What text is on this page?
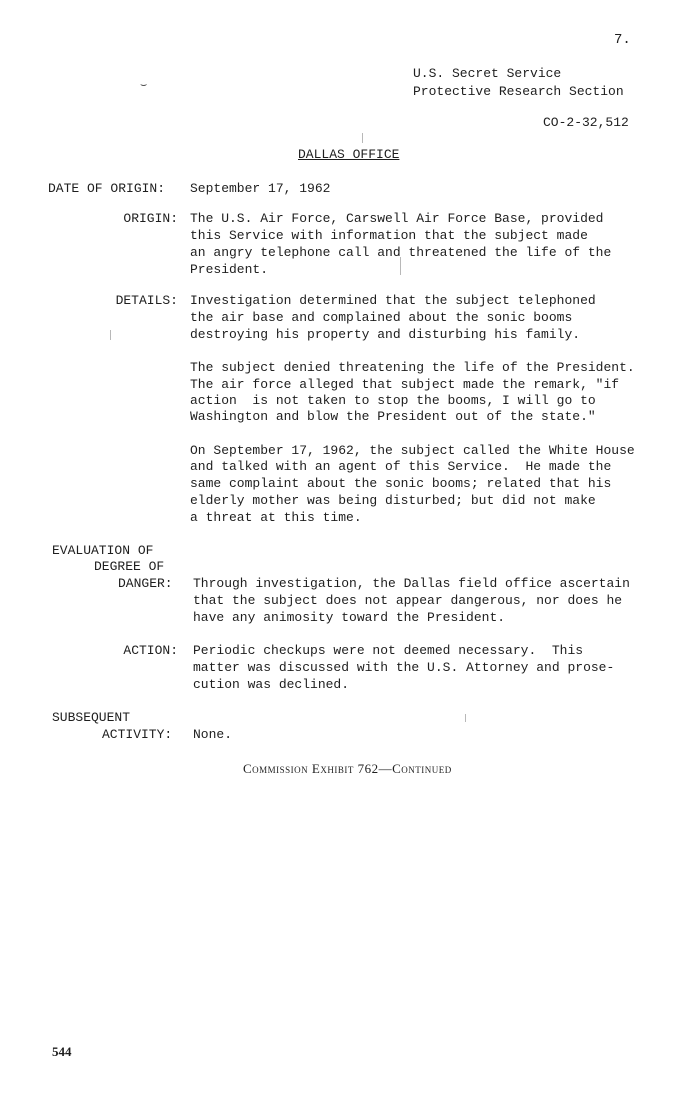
7.
⌣
U.S. Secret Service
Protective Research Section
CO-2-32,512
DALLAS OFFICE
DATE OF ORIGIN: September 17, 1962
ORIGIN: The U.S. Air Force, Carswell Air Force Base, provided
this Service with information that the subject made
an angry telephone call and threatened the life of the
President.
DETAILS: Investigation determined that the subject telephoned
the air base and complained about the sonic booms
destroying his property and disturbing his family.
The subject denied threatening the life of the President.
The air force alleged that subject made the remark, "if
action  is not taken to stop the booms, I will go to
Washington and blow the President out of the state."
On September 17, 1962, the subject called the White House
and talked with an agent of this Service.  He made the
same complaint about the sonic booms; related that his
elderly mother was being disturbed; but did not make
a threat at this time.
EVALUATION OF
DEGREE OF
DANGER: Through investigation, the Dallas field office ascertain
that the subject does not appear dangerous, nor does he
have any animosity toward the President.
ACTION: Periodic checkups were not deemed necessary.  This
matter was discussed with the U.S. Attorney and prose-
cution was declined.
SUBSEQUENT
ACTIVITY: None.
Commission Exhibit 762—Continued
544
